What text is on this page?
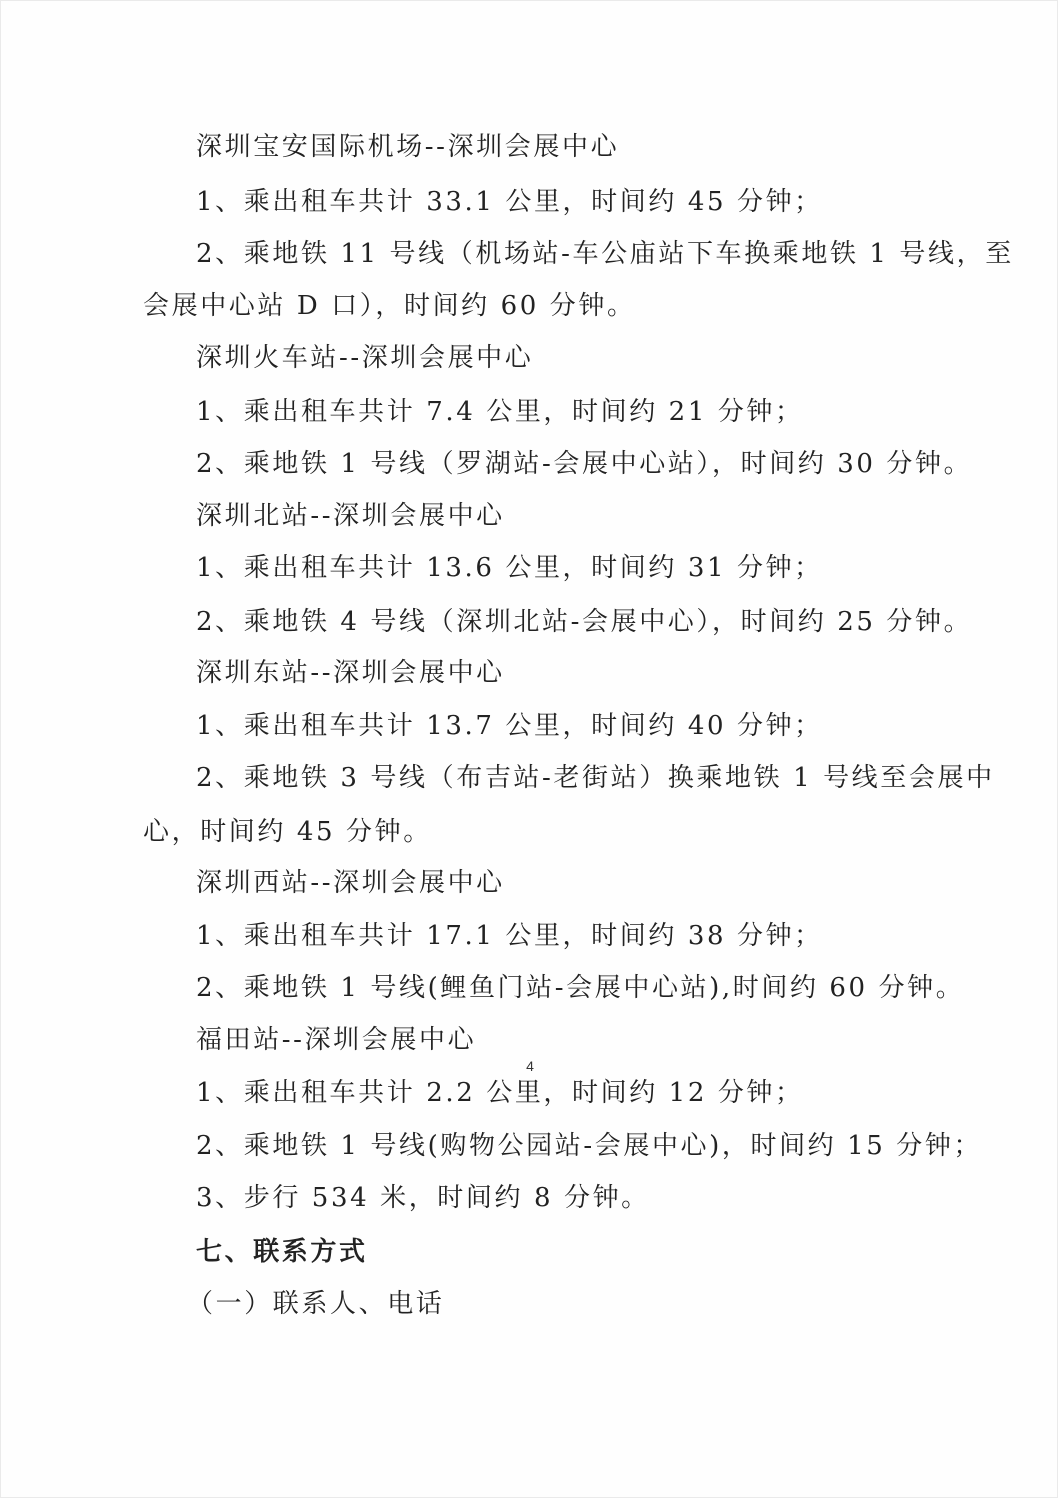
深圳宝安国际机场--深圳会展中心
1、乘出租车共计 33.1 公里，时间约 45 分钟；
2、乘地铁 11 号线（机场站-车公庙站下车换乘地铁 1 号线，至
会展中心站 D 口），时间约 60 分钟。
深圳火车站--深圳会展中心
1、乘出租车共计 7.4 公里，时间约 21 分钟；
2、乘地铁 1 号线（罗湖站-会展中心站），时间约 30 分钟。
深圳北站--深圳会展中心
1、乘出租车共计 13.6 公里，时间约 31 分钟；
2、乘地铁 4 号线（深圳北站-会展中心），时间约 25 分钟。
深圳东站--深圳会展中心
1、乘出租车共计 13.7 公里，时间约 40 分钟；
2、乘地铁 3 号线（布吉站-老街站）换乘地铁 1 号线至会展中
心，时间约 45 分钟。
深圳西站--深圳会展中心
1、乘出租车共计 17.1 公里，时间约 38 分钟；
2、乘地铁 1 号线(鲤鱼门站-会展中心站),时间约 60 分钟。
福田站--深圳会展中心
1、乘出租车共计 2.2 公里，时间约 12 分钟；
2、乘地铁 1 号线(购物公园站-会展中心)，时间约 15 分钟；
3、步行 534 米，时间约 8 分钟。
七、联系方式
（一）联系人、电话
4
